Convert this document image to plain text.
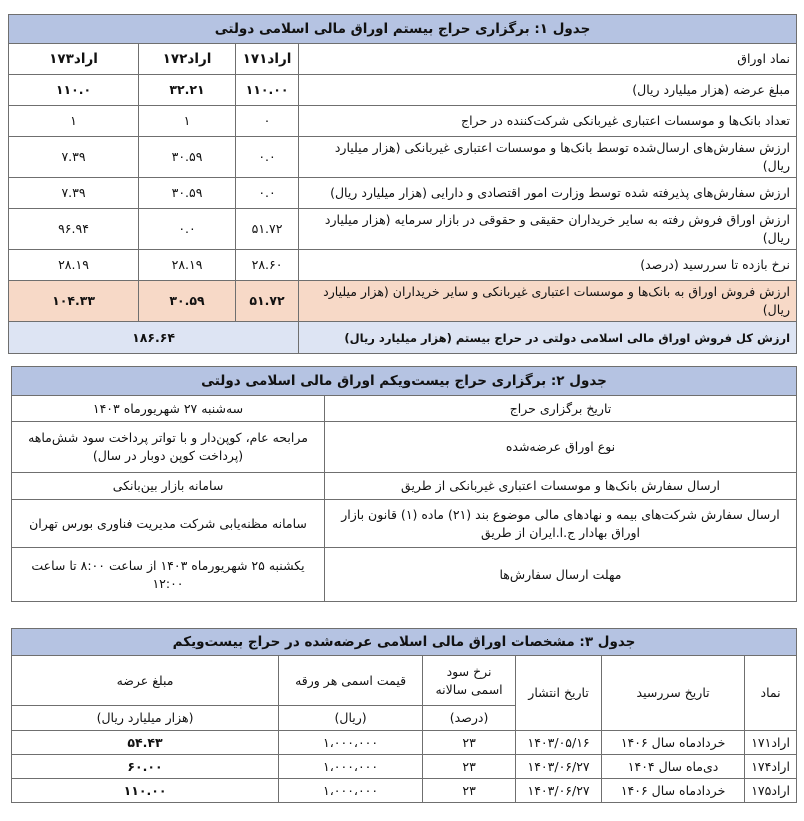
جدول ۱: برگزاری حراج بیستم اوراق مالی اسلامی دولتی			
نماد اوراق	اراد۱۷۱	اراد۱۷۲	اراد۱۷۳
مبلغ عرضه (هزار میلیارد ریال)	۱۱۰.۰۰	۳۲.۲۱	۱۱۰.۰
تعداد بانک‌ها و موسسات اعتباری غیربانکی شرکت‌کننده در حراج	۰	۱	۱
ارزش سفارش‌های ارسال‌شده توسط بانک‌ها و موسسات اعتباری غیربانکی (هزار میلیارد ریال)	۰.۰	۳۰.۵۹	۷.۳۹
ارزش سفارش‌های پذیرفته شده توسط وزارت امور اقتصادی و دارایی (هزار میلیارد ریال)	۰.۰	۳۰.۵۹	۷.۳۹
ارزش اوراق فروش رفته به سایر خریداران حقیقی و حقوقی در بازار سرمایه (هزار میلیارد ریال)	۵۱.۷۲	۰.۰	۹۶.۹۴
نرخ بازده تا سررسید (درصد)	۲۸.۶۰	۲۸.۱۹	۲۸.۱۹
ارزش فروش اوراق به بانک‌ها و موسسات اعتباری غیربانکی و سایر خریداران (هزار میلیارد ریال)	۵۱.۷۲	۳۰.۵۹	۱۰۴.۳۳
ارزش کل فروش اوراق مالی اسلامی دولتی در حراج بیستم (هزار میلیارد ریال)	۱۸۶.۶۴		
جدول ۲: برگزاری حراج بیست‌ویکم اوراق مالی اسلامی دولتی	
تاریخ برگزاری حراج	سه‌شنبه ۲۷ شهریورماه ۱۴۰۳
نوع اوراق عرضه‌شده	مرابحه عام، کوپن‌دار و با تواتر پرداخت سود شش‌ماهه (پرداخت کوپن دوبار در سال)
ارسال سفارش بانک‌ها و موسسات اعتباری غیربانکی از طریق	سامانه بازار بین‌بانکی
ارسال سفارش شرکت‌های بیمه و نهادهای مالی موضوع بند (۲۱) ماده (۱) قانون بازار اوراق بهادار ج.ا.ایران از طریق	سامانه مظنه‌یابی شرکت مدیریت فناوری بورس تهران
مهلت ارسال سفارش‌ها	یکشنبه ۲۵ شهریورماه ۱۴۰۳ از ساعت ۸:۰۰ تا ساعت ۱۲:۰۰
جدول ۳: مشخصات اوراق مالی اسلامی عرضه‌شده در حراج بیست‌ویکم					
نماد	تاریخ سررسید	تاریخ انتشار	نرخ سود اسمی سالانه	قیمت اسمی هر ورقه	مبلغ عرضه
			(درصد)	(ریال)	(هزار میلیارد ریال)
اراد۱۷۱	خردادماه سال ۱۴۰۶	۱۴۰۳/۰۵/۱۶	۲۳	۱،۰۰۰،۰۰۰	۵۴.۴۳
اراد۱۷۴	دی‌ماه سال ۱۴۰۴	۱۴۰۳/۰۶/۲۷	۲۳	۱،۰۰۰،۰۰۰	۶۰.۰۰
اراد۱۷۵	خردادماه سال ۱۴۰۶	۱۴۰۳/۰۶/۲۷	۲۳	۱،۰۰۰،۰۰۰	۱۱۰.۰۰
